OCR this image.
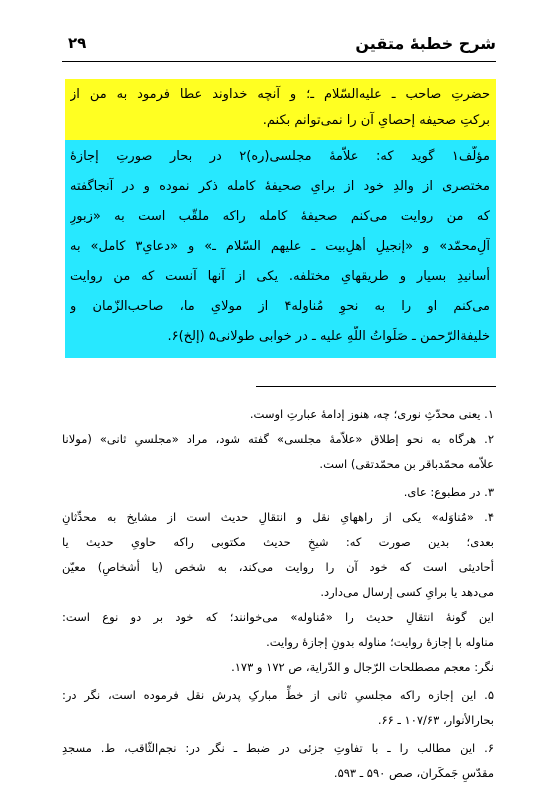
شرح خطبهٔ متقین
۲۹
حضرتِ صاحب ـ علیه‌السّلام ـ؛ و آنچه خداوند عطا فرمود به من از
برکتِ صحیفه إحصایِ آن را نمی‌توانم بکنم.
مؤلّف۱ گوید که: علاّمهٔ مجلسی(ره)۲ در بحار صورتِ إجازهٔ
مختصری از والدِ خود از برایِ صحیفهٔ کامله ذکر نموده و در آنجاگفته
که من روایت می‌کنم صحیفهٔ کامله راکه ملقّب است به «زبورِ
آلِ‌محمّد» و «إنجیلِ أهلِ‌بیت ـ علیهم السّلام ـ» و «دعایِ۳ کامل» به
أسانیدِ بسیار و طریقهایِ مختلفه. یکی از آنها آنست که من روایت
می‌کنم او را به نحوِ مُناوله۴ از مولایِ ما، صاحب‌الزّمان و
خلیفةالرّحمن ـ صَلَواتُ اللّهِ علیه ـ در خوابی طولانی۵ (إلخ)۶.
۱. یعنی محدّثِ نوری؛ چه، هنوز إدامهٔ عبارتِ اوست.
۲. هرگاه به نحو إطلاق «علاّمهٔ مجلسی» گفته شود، مراد «مجلسیِ ثانی» (مولانا
علاّمه محمّدباقر بن محمّدتقی) است.
۳. در مطبوع: عای.
۴. «مُناوَله» یکی از راههایِ نقل و انتقالِ حدیث است از مشایخ به محدِّثانِ
بعدی؛ بدین صورت که: شیخِ حدیث مکتوبی راکه حاویِ حدیث یا
أحادیثی است که خود آن را روایت می‌کند، به شخص (یا أشخاصِ) معیّن
می‌دهد یا برایِ کسی إرسال می‌دارد.
این گونهٔ انتقالِ حدیث را «مُناوله» می‌خوانند؛ که خود بر دو نوع است:
مناوله با إجازهٔ روایت؛ مناوله بدونِ إجازهٔ روایت.
نگر: معجم مصطلحات الرّجال و الدّرایة، ص ۱۷۲ و ۱۷۳.
۵. این إجازه راکه مجلسیِ ثانی از خطِّ مبارکِ پدرش نقل فرموده است، نگر در:
بحارالأنوار، ۱۰۷/۶۳ ـ ۶۶.
۶. این مطالب را ـ با تفاوتِ جزئی در ضبط ـ نگر در: نجم‌الثّاقب، ط. مسجدِ
مقدّسِ جَمکَران، صص ۵۹۰ ـ ۵۹۳.
